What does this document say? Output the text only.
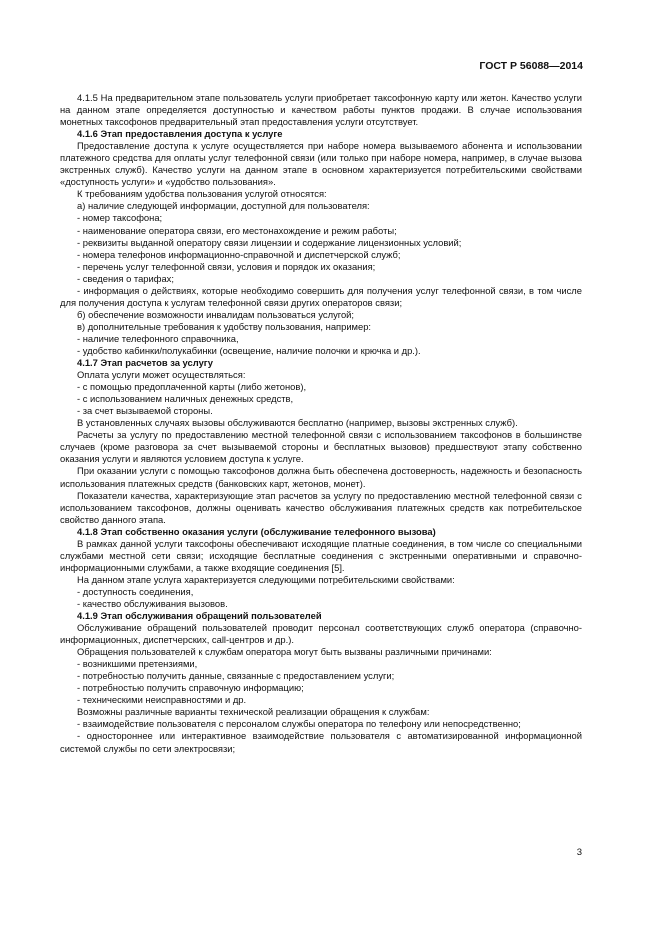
ГОСТ Р 56088—2014

4.1.5 На предварительном этапе пользователь услуги приобретает таксофонную карту или жетон. Качество услуги на данном этапе определяется доступностью и качеством работы пунктов продажи. В случае использования монетных таксофонов предварительный этап предоставления услуги отсутствует.

4.1.6 Этап предоставления доступа к услуге

Предоставление доступа к услуге осуществляется при наборе номера вызываемого абонента и использовании платежного средства для оплаты услуг телефонной связи (или только при наборе номера, например, в случае вызова экстренных служб). Качество услуги на данном этапе в основном характеризуется потребительскими свойствами «доступность услуги» и «удобство пользования».

К требованиям удобства пользования услугой относятся:

а) наличие следующей информации, доступной для пользователя:

- номер таксофона;

- наименование оператора связи, его местонахождение и режим работы;

- реквизиты выданной оператору связи лицензии и содержание лицензионных условий;

- номера телефонов информационно-справочной и диспетчерской служб;

- перечень услуг телефонной связи, условия и порядок их оказания;

- сведения о тарифах;

- информация о действиях, которые необходимо совершить для получения услуг телефонной связи, в том числе для получения доступа к услугам телефонной связи других операторов связи;

б) обеспечение возможности инвалидам пользоваться услугой;

в) дополнительные требования к удобству пользования, например:

- наличие телефонного справочника,

- удобство кабинки/полукабинки (освещение, наличие полочки и крючка и др.).

4.1.7 Этап расчетов за услугу

Оплата услуги может осуществляться:

- с помощью предоплаченной карты (либо жетонов),

- с использованием наличных денежных средств,

- за счет вызываемой стороны.

В установленных случаях вызовы обслуживаются бесплатно (например, вызовы экстренных служб).

Расчеты за услугу по предоставлению местной телефонной связи с использованием таксофонов в большинстве случаев (кроме разговора за счет вызываемой стороны и бесплатных вызовов) предшествуют этапу собственно оказания услуги и являются условием доступа к услуге.

При оказании услуги с помощью таксофонов должна быть обеспечена достоверность, надежность и безопасность использования платежных средств (банковских карт, жетонов, монет).

Показатели качества, характеризующие этап расчетов за услугу по предоставлению местной телефонной связи с использованием таксофонов, должны оценивать качество обслуживания платежных средств как потребительское свойство данного этапа.

4.1.8 Этап собственно оказания услуги (обслуживание телефонного вызова)

В рамках данной услуги таксофоны обеспечивают исходящие платные соединения, в том числе со специальными службами местной сети связи; исходящие бесплатные соединения с экстренными оперативными и справочно-информационными службами, а также входящие соединения [5].

На данном этапе услуга характеризуется следующими потребительскими свойствами:

- доступность соединения,

- качество обслуживания вызовов.

4.1.9 Этап обслуживания обращений пользователей

Обслуживание обращений пользователей проводит персонал соответствующих служб оператора (справочно-информационных, диспетчерских, call-центров и др.).

Обращения пользователей к службам оператора могут быть вызваны различными причинами:

- возникшими претензиями,

- потребностью получить данные, связанные с предоставлением услуги;

- потребностью получить справочную информацию;

- техническими неисправностями и др.

Возможны различные варианты технической реализации обращения к службам:

- взаимодействие пользователя с персоналом службы оператора по телефону или непосредственно;

- одностороннее или интерактивное взаимодействие пользователя с автоматизированной информационной системой службы по сети электросвязи;

3
